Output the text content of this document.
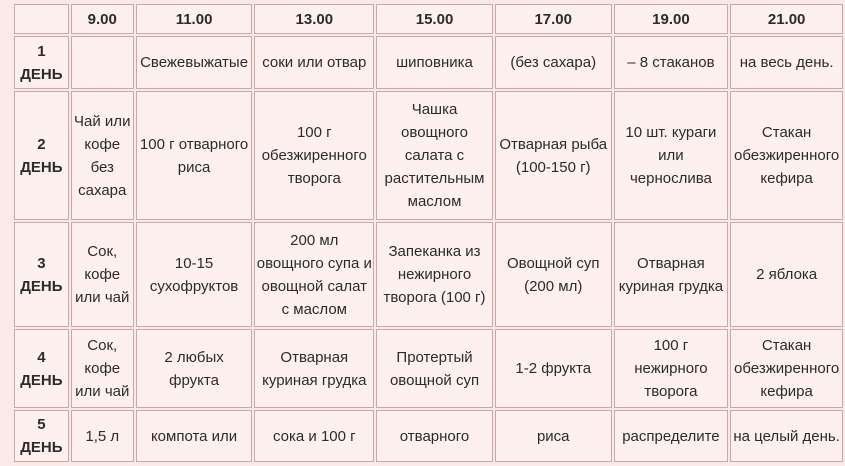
	9.00	11.00	13.00	15.00	17.00	19.00	21.00
1
ДЕНЬ		Свежевыжатые	соки или отвар	шиповника	(без сахара)	– 8 стаканов	на весь день.
2
ДЕНЬ	Чай или кофе без сахара	100 г отварного риса	100 г обезжиренного творога	Чашка овощного салата с растительным маслом	Отварная рыба (100-150 г)	10 шт. кураги или чернослива	Стакан обезжиренного кефира
3
ДЕНЬ	Сок, кофе или чай	10-15 сухофруктов	200 мл овощного супа и овощной салат с маслом	Запеканка из нежирного творога (100 г)	Овощной суп (200 мл)	Отварная куриная грудка	2 яблока
4
ДЕНЬ	Сок, кофе или чай	2 любых фрукта	Отварная куриная грудка	Протертый овощной суп	1-2 фрукта	100 г нежирного творога	Стакан обезжиренного кефира
5
ДЕНЬ	1,5 л	компота или	сока и 100 г	отварного	риса	распределите	на целый день.
